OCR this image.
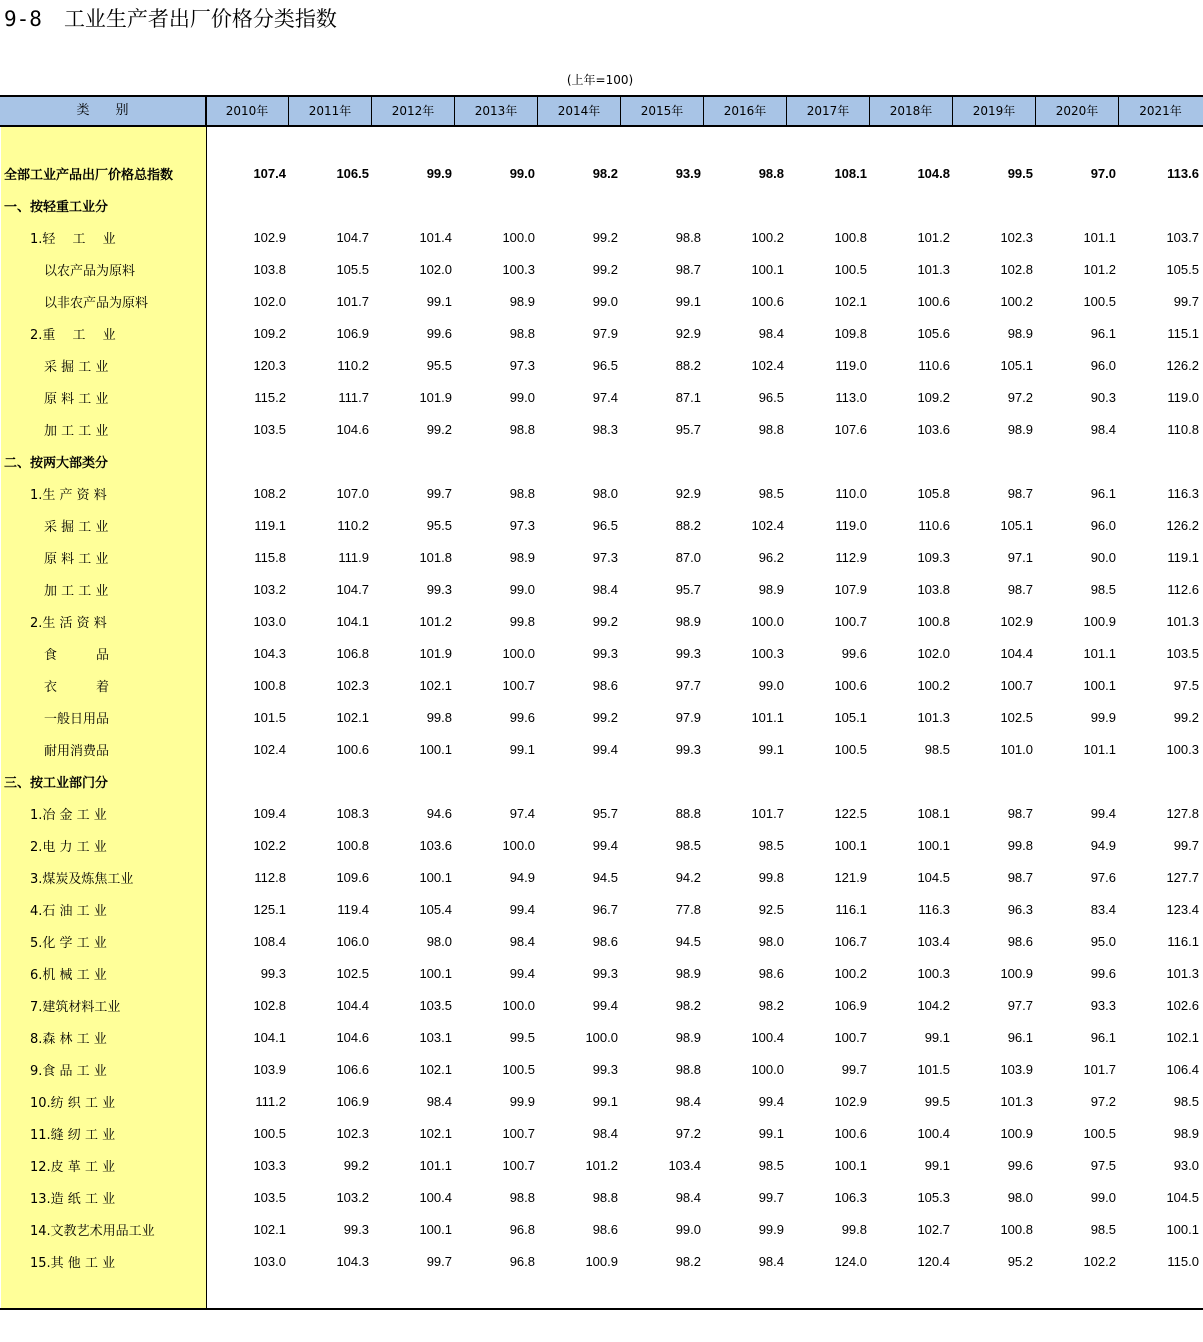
9-8 工业生产者出厂价格分类指数
(上年=100)
类　　别	2010年	2011年	2012年	2013年	2014年	2015年	2016年	2017年	2018年	2019年	2020年	2021年
全部工业产品出厂价格总指数	107.4	106.5	99.9	99.0	98.2	93.9	98.8	108.1	104.8	99.5	97.0	113.6
一、按轻重工业分
1.轻　 工　 业	102.9	104.7	101.4	100.0	99.2	98.8	100.2	100.8	101.2	102.3	101.1	103.7
以农产品为原料	103.8	105.5	102.0	100.3	99.2	98.7	100.1	100.5	101.3	102.8	101.2	105.5
以非农产品为原料	102.0	101.7	99.1	98.9	99.0	99.1	100.6	102.1	100.6	100.2	100.5	99.7
2.重　 工　 业	109.2	106.9	99.6	98.8	97.9	92.9	98.4	109.8	105.6	98.9	96.1	115.1
采 掘 工 业	120.3	110.2	95.5	97.3	96.5	88.2	102.4	119.0	110.6	105.1	96.0	126.2
原 料 工 业	115.2	111.7	101.9	99.0	97.4	87.1	96.5	113.0	109.2	97.2	90.3	119.0
加 工 工 业	103.5	104.6	99.2	98.8	98.3	95.7	98.8	107.6	103.6	98.9	98.4	110.8
二、按两大部类分
1.生 产 资 料	108.2	107.0	99.7	98.8	98.0	92.9	98.5	110.0	105.8	98.7	96.1	116.3
采 掘 工 业	119.1	110.2	95.5	97.3	96.5	88.2	102.4	119.0	110.6	105.1	96.0	126.2
原 料 工 业	115.8	111.9	101.8	98.9	97.3	87.0	96.2	112.9	109.3	97.1	90.0	119.1
加 工 工 业	103.2	104.7	99.3	99.0	98.4	95.7	98.9	107.9	103.8	98.7	98.5	112.6
2.生 活 资 料	103.0	104.1	101.2	99.8	99.2	98.9	100.0	100.7	100.8	102.9	100.9	101.3
食　　　品	104.3	106.8	101.9	100.0	99.3	99.3	100.3	99.6	102.0	104.4	101.1	103.5
衣　　　着	100.8	102.3	102.1	100.7	98.6	97.7	99.0	100.6	100.2	100.7	100.1	97.5
一般日用品	101.5	102.1	99.8	99.6	99.2	97.9	101.1	105.1	101.3	102.5	99.9	99.2
耐用消费品	102.4	100.6	100.1	99.1	99.4	99.3	99.1	100.5	98.5	101.0	101.1	100.3
三、按工业部门分
1.冶 金 工 业	109.4	108.3	94.6	97.4	95.7	88.8	101.7	122.5	108.1	98.7	99.4	127.8
2.电 力 工 业	102.2	100.8	103.6	100.0	99.4	98.5	98.5	100.1	100.1	99.8	94.9	99.7
3.煤炭及炼焦工业	112.8	109.6	100.1	94.9	94.5	94.2	99.8	121.9	104.5	98.7	97.6	127.7
4.石 油 工 业	125.1	119.4	105.4	99.4	96.7	77.8	92.5	116.1	116.3	96.3	83.4	123.4
5.化 学 工 业	108.4	106.0	98.0	98.4	98.6	94.5	98.0	106.7	103.4	98.6	95.0	116.1
6.机 械 工 业	99.3	102.5	100.1	99.4	99.3	98.9	98.6	100.2	100.3	100.9	99.6	101.3
7.建筑材料工业	102.8	104.4	103.5	100.0	99.4	98.2	98.2	106.9	104.2	97.7	93.3	102.6
8.森 林 工 业	104.1	104.6	103.1	99.5	100.0	98.9	100.4	100.7	99.1	96.1	96.1	102.1
9.食 品 工 业	103.9	106.6	102.1	100.5	99.3	98.8	100.0	99.7	101.5	103.9	101.7	106.4
10.纺 织 工 业	111.2	106.9	98.4	99.9	99.1	98.4	99.4	102.9	99.5	101.3	97.2	98.5
11.缝 纫 工 业	100.5	102.3	102.1	100.7	98.4	97.2	99.1	100.6	100.4	100.9	100.5	98.9
12.皮 革 工 业	103.3	99.2	101.1	100.7	101.2	103.4	98.5	100.1	99.1	99.6	97.5	93.0
13.造 纸 工 业	103.5	103.2	100.4	98.8	98.8	98.4	99.7	106.3	105.3	98.0	99.0	104.5
14.文教艺术用品工业	102.1	99.3	100.1	96.8	98.6	99.0	99.9	99.8	102.7	100.8	98.5	100.1
15.其 他 工 业	103.0	104.3	99.7	96.8	100.9	98.2	98.4	124.0	120.4	95.2	102.2	115.0
